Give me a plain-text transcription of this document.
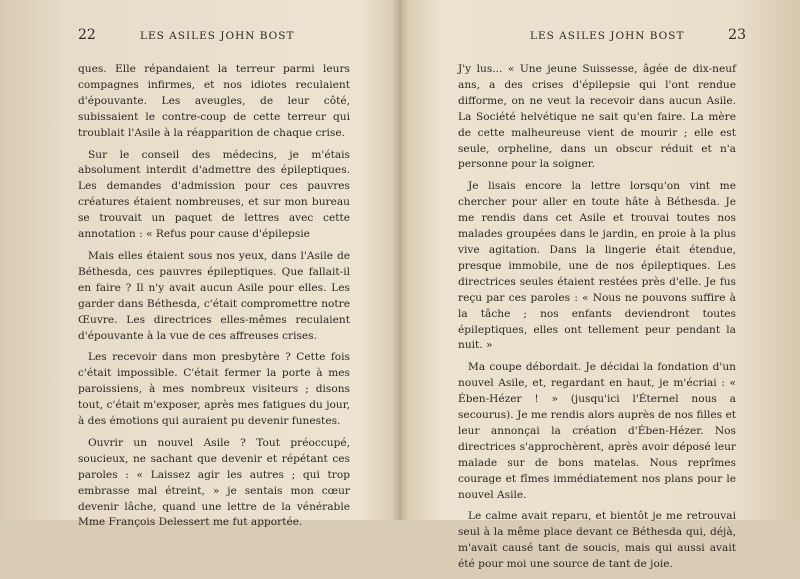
22	LES ASILES JOHN BOST

ques. Elle répandaient la terreur parmi leurs compagnes infirmes, et nos idiotes reculaient d'épouvante. Les aveugles, de leur côté, subissaient le contre-coup de cette terreur qui troublait l'Asile à la réapparition de chaque crise.

Sur le conseil des médecins, je m'étais absolument interdit d'admettre des épileptiques. Les demandes d'admission pour ces pauvres créatures étaient nombreuses, et sur mon bureau se trouvait un paquet de lettres avec cette annotation : « Refus pour cause d'épilepsie

Mais elles étaient sous nos yeux, dans l'Asile de Béthesda, ces pauvres épileptiques. Que fallait-il en faire ? Il n'y avait aucun Asile pour elles. Les garder dans Béthesda, c'était compromettre notre Œuvre. Les directrices elles-mêmes reculaient d'épouvante à la vue de ces affreuses crises.

Les recevoir dans mon presbytère ? Cette fois c'était impossible. C'était fermer la porte à mes paroissiens, à mes nombreux visiteurs ; disons tout, c'était m'exposer, après mes fatigues du jour, à des émotions qui auraient pu devenir funestes.

Ouvrir un nouvel Asile ? Tout préoccupé, soucieux, ne sachant que devenir et répétant ces paroles : « Laissez agir les autres ; qui trop embrasse mal étreint, » je sentais mon cœur devenir lâche, quand une lettre de la vénérable Mme François Delessert me fut apportée.

LES ASILES JOHN BOST	23

J'y lus... « Une jeune Suissesse, âgée de dix-neuf ans, a des crises d'épilepsie qui l'ont rendue difforme, on ne veut la recevoir dans aucun Asile. La Société helvétique ne sait qu'en faire. La mère de cette malheureuse vient de mourir ; elle est seule, orpheline, dans un obscur réduit et n'a personne pour la soigner.

Je lisais encore la lettre lorsqu'on vint me chercher pour aller en toute hâte à Béthesda. Je me rendis dans cet Asile et trouvai toutes nos malades groupées dans le jardin, en proie à la plus vive agitation. Dans la lingerie était étendue, presque immobile, une de nos épileptiques. Les directrices seules étaient restées près d'elle. Je fus reçu par ces paroles : « Nous ne pouvons suffire à la tâche ; nos enfants deviendront toutes épileptiques, elles ont tellement peur pendant la nuit. »

Ma coupe débordait. Je décidai la fondation d'un nouvel Asile, et, regardant en haut, je m'écriai : « Ében-Hézer ! » (jusqu'ici l'Éternel nous a secourus). Je me rendis alors auprès de nos filles et leur annonçai la création d'Ében-Hézer. Nos directrices s'approchèrent, après avoir déposé leur malade sur de bons matelas. Nous reprîmes courage et fîmes immédiatement nos plans pour le nouvel Asile.

Le calme avait reparu, et bientôt je me retrouvai seul à la même place devant ce Béthesda qui, déjà, m'avait causé tant de soucis, mais qui aussi avait été pour moi une source de tant de joie.
